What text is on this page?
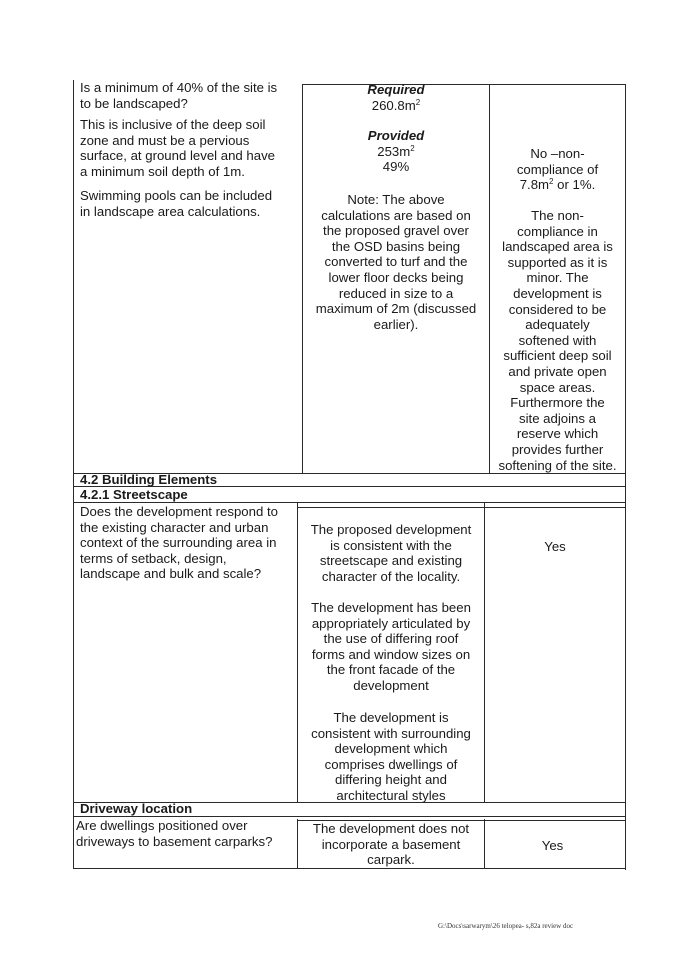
Is a minimum of 40% of the site is

to be landscaped?

This is inclusive of the deep soil

zone and must be a pervious

surface, at ground level and have

a minimum soil depth of 1m.

Swimming pools can be included

in landscape area calculations.

Required

$260.8m^2$

Provided

$253m^2$

49%

Note: The above

calculations are based on

the proposed gravel over

the OSD basins being

converted to turf and the

lower floor decks being

reduced in size to a

maximum of 2m (discussed

earlier).

No –non-

compliance of

$7.8m^2$ or 1%.

The non-

compliance in

landscaped area is

supported as it is

minor. The

development is

considered to be

adequately

softened with

sufficient deep soil

and private open

space areas.

Furthermore the

site adjoins a

reserve which

provides further

softening of the site.

4.2 Building Elements
4.2.1 Streetscape

Does the development respond to

the existing character and urban

context of the surrounding area in

terms of setback, design,

landscape and bulk and scale?

The proposed development

is consistent with the

streetscape and existing

character of the locality.

The development has been

appropriately articulated by

the use of differing roof

forms and window sizes on

the front facade of the

development

The development is

consistent with surrounding

development which

comprises dwellings of

differing height and

architectural styles

Yes
Driveway location

Are dwellings positioned over

driveways to basement carparks?

The development does not

incorporate a basement

carpark.

Yes
G:\Docs\sarwarym\26 telopea- s,82a review doc
